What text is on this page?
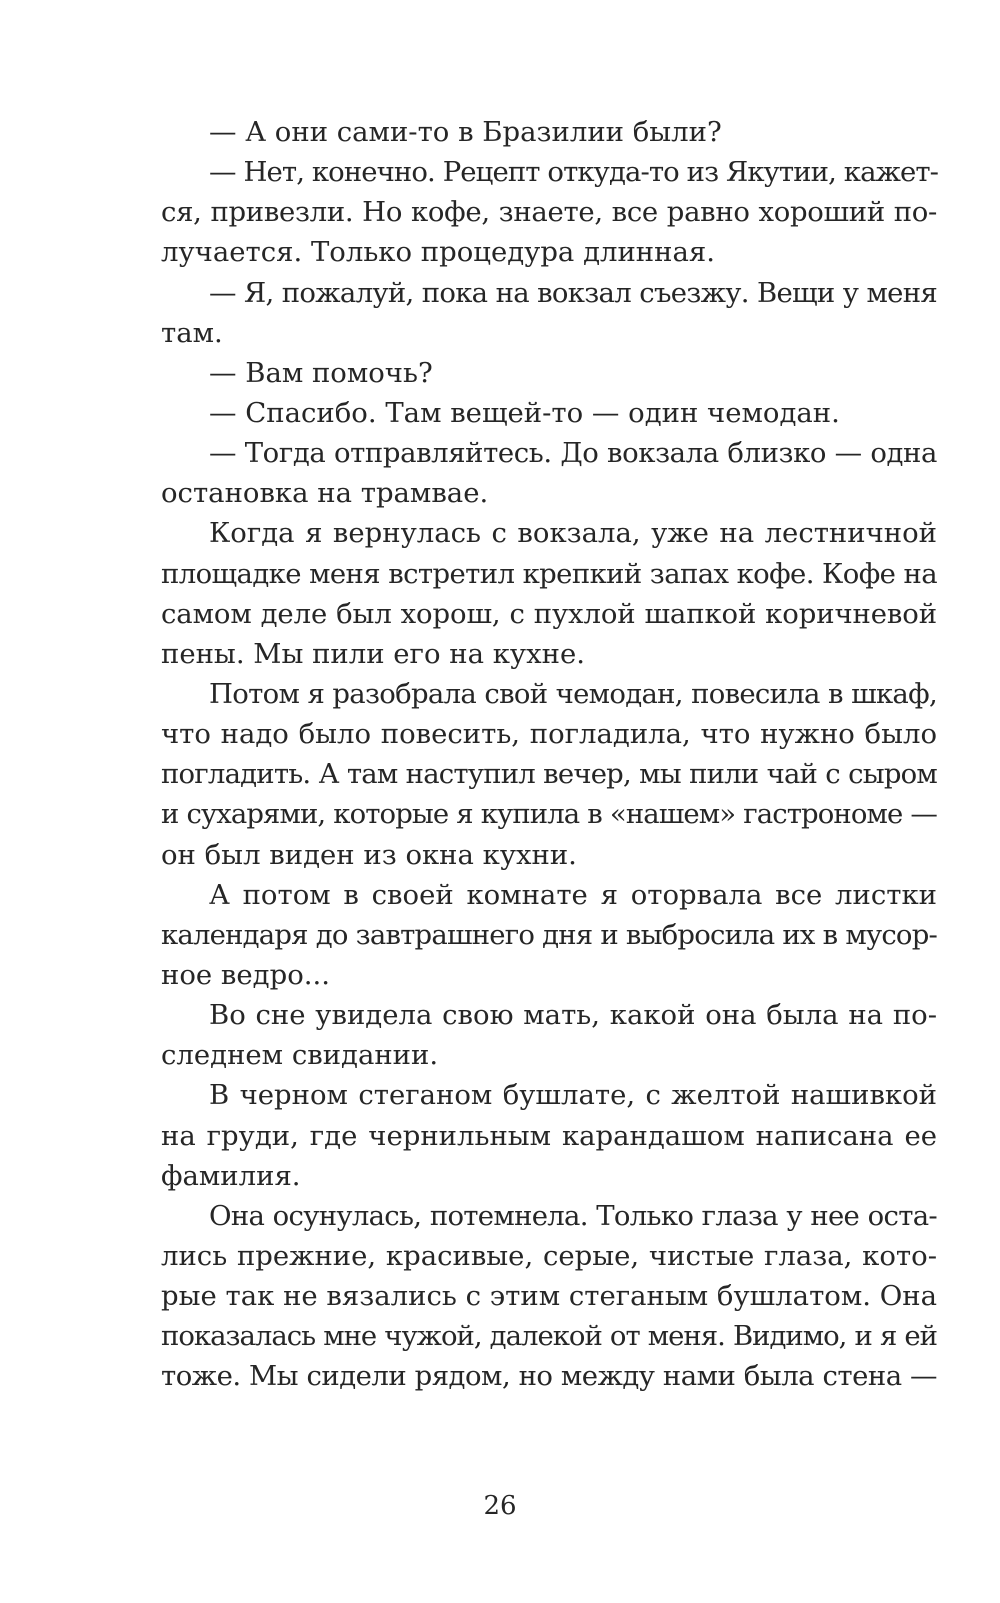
— А они сами-то в Бразилии были?
— Нет, конечно. Рецепт откуда-то из Якутии, кажет-
ся, привезли. Но кофе, знаете, все равно хороший по-
лучается. Только процедура длинная.
— Я, пожалуй, пока на вокзал съезжу. Вещи у меня
там.
— Вам помочь?
— Спасибо. Там вещей-то — один чемодан.
— Тогда отправляйтесь. До вокзала близко — одна
остановка на трамвае.
Когда я вернулась с вокзала, уже на лестничной
площадке меня встретил крепкий запах кофе. Кофе на
самом деле был хорош, с пухлой шапкой коричневой
пены. Мы пили его на кухне.
Потом я разобрала свой чемодан, повесила в шкаф,
что надо было повесить, погладила, что нужно было
погладить. А там наступил вечер, мы пили чай с сыром
и сухарями, которые я купила в «нашем» гастрономе —
он был виден из окна кухни.
А потом в своей комнате я оторвала все листки
календаря до завтрашнего дня и выбросила их в мусор-
ное ведро...
Во сне увидела свою мать, какой она была на по-
следнем свидании.
В черном стеганом бушлате, с желтой нашивкой
на груди, где чернильным карандашом написана ее
фамилия.
Она осунулась, потемнела. Только глаза у нее оста-
лись прежние, красивые, серые, чистые глаза, кото-
рые так не вязались с этим стеганым бушлатом. Она
показалась мне чужой, далекой от меня. Видимо, и я ей
тоже. Мы сидели рядом, но между нами была стена —
26
